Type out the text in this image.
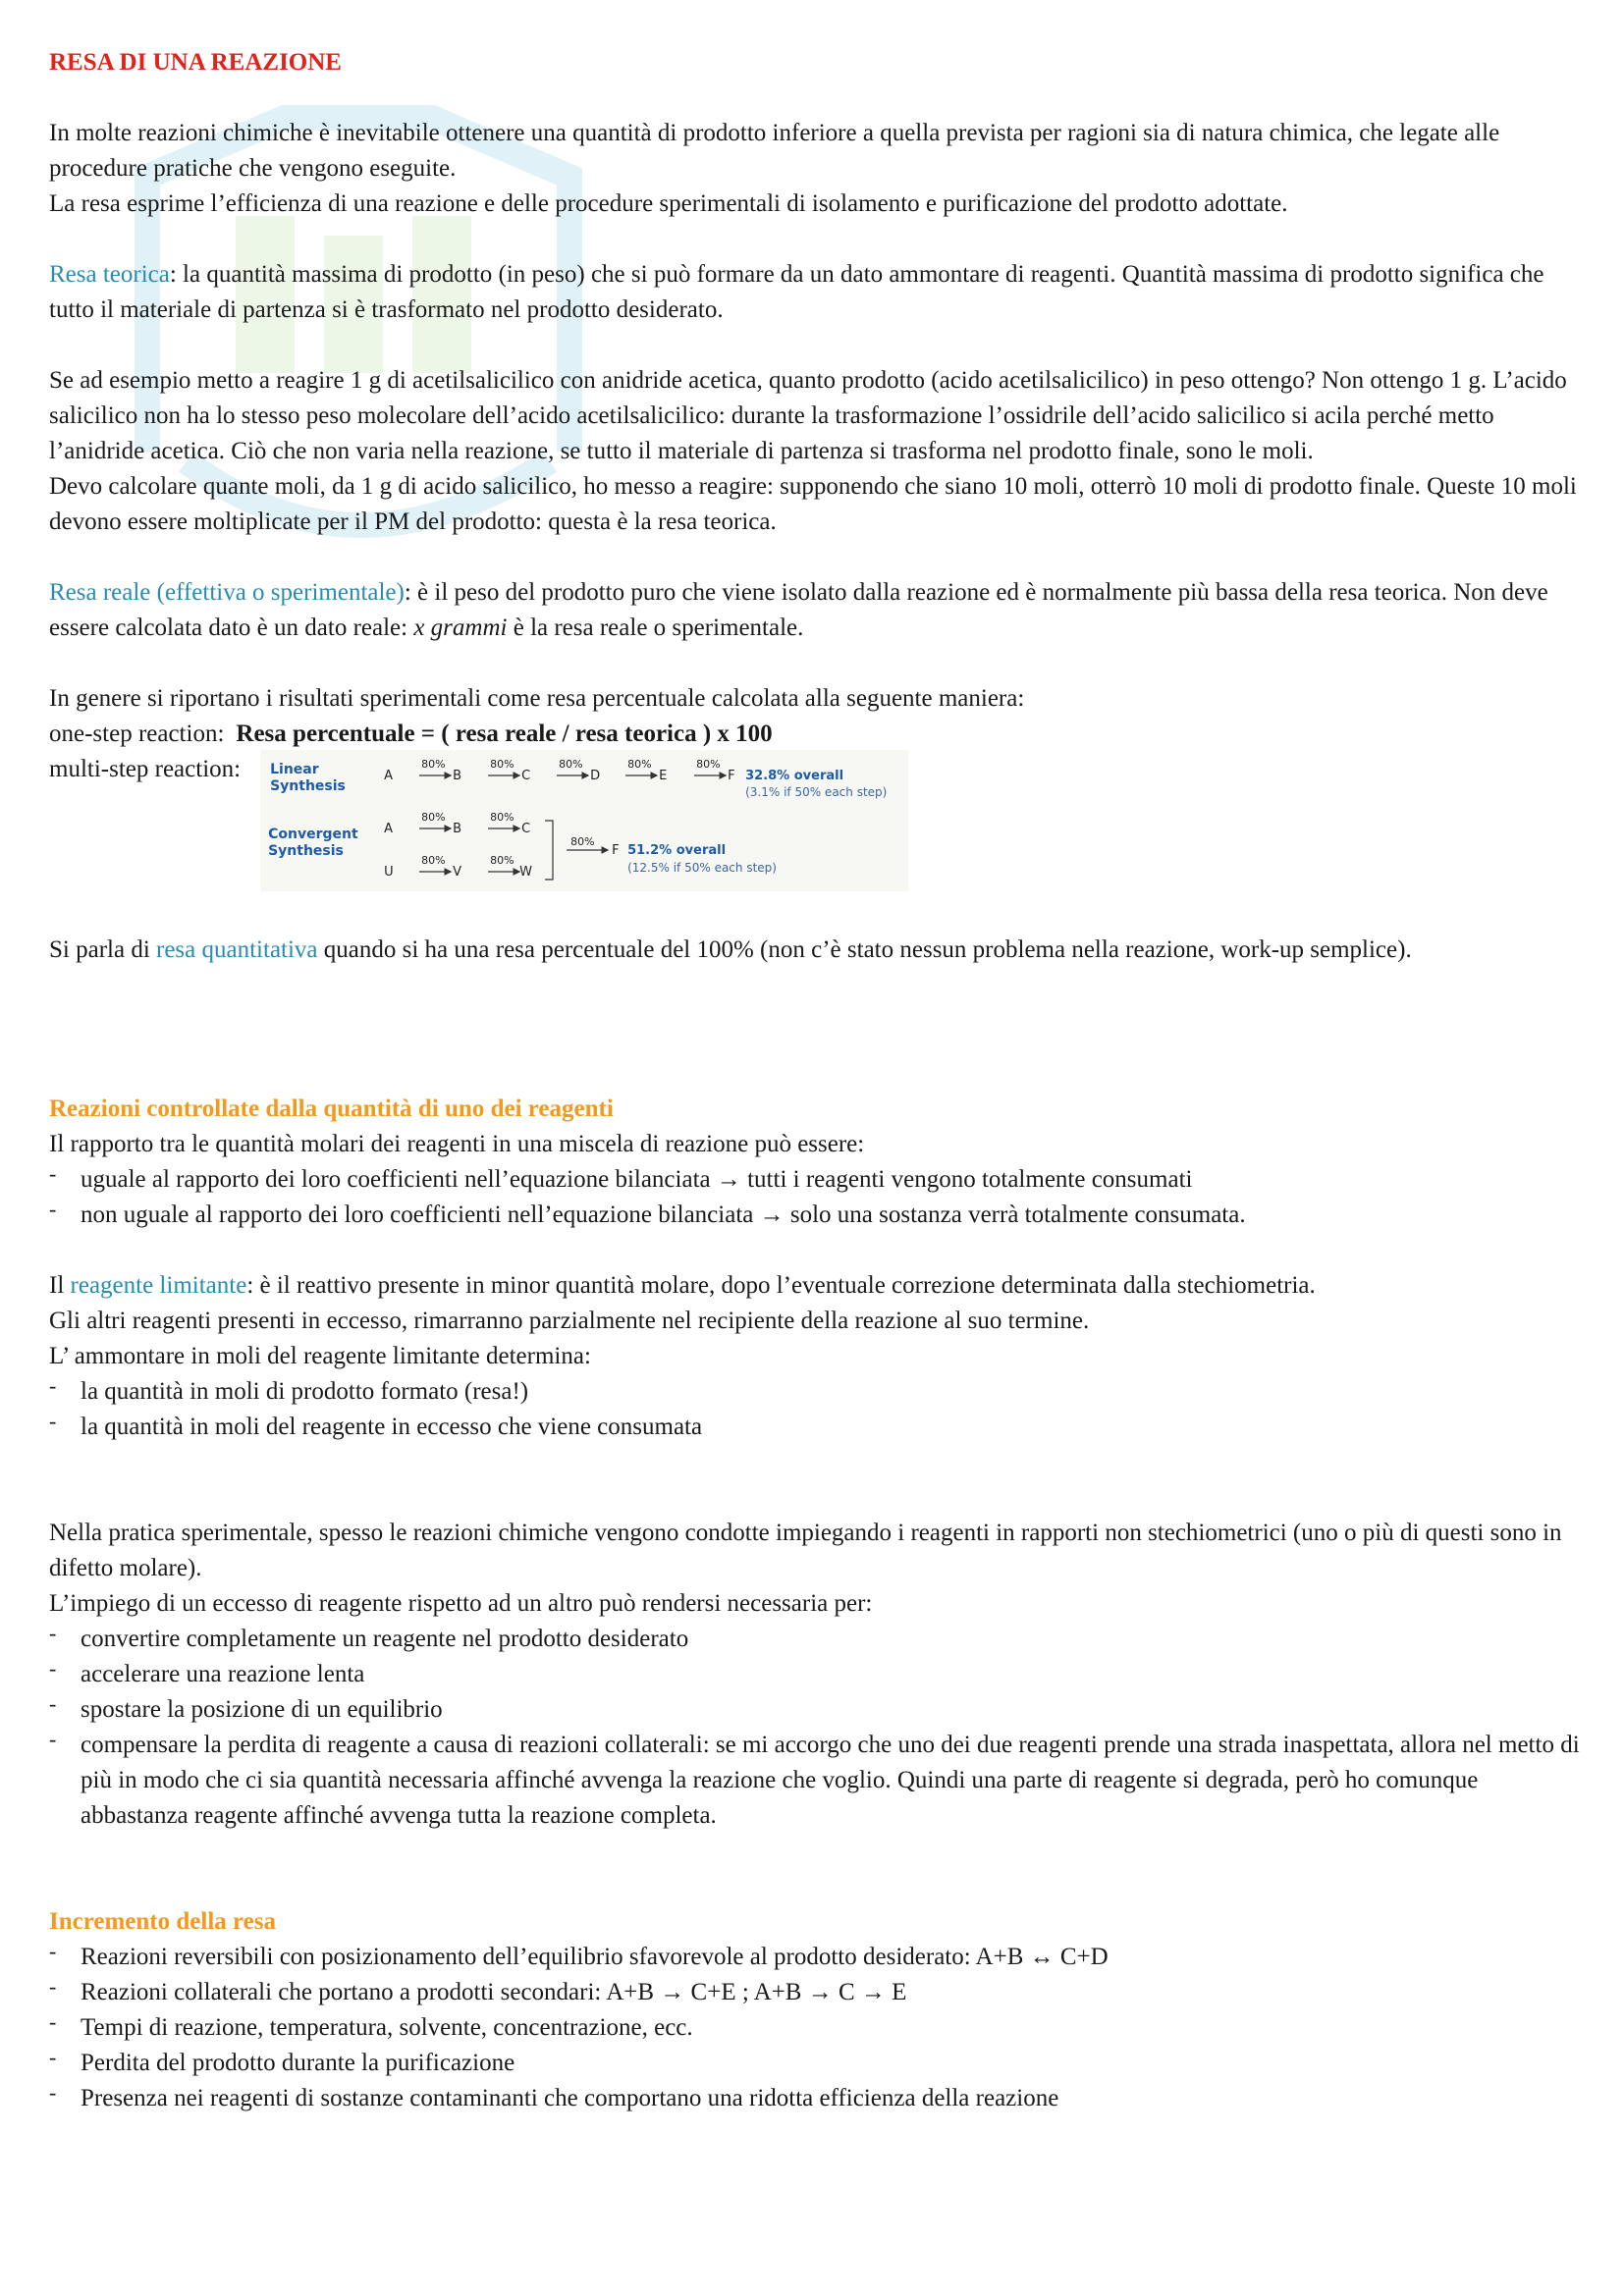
RESA DI UNA REAZIONE

In molte reazioni chimiche è inevitabile ottenere una quantità di prodotto inferiore a quella prevista per ragioni sia di natura chimica, che legate alle procedure pratiche che vengono eseguite.

La resa esprime l’efficienza di una reazione e delle procedure sperimentali di isolamento e purificazione del prodotto adottate.

Resa teorica: la quantità massima di prodotto (in peso) che si può formare da un dato ammontare di reagenti. Quantità massima di prodotto significa che tutto il materiale di partenza si è trasformato nel prodotto desiderato.

Se ad esempio metto a reagire 1 g di acetilsalicilico con anidride acetica, quanto prodotto (acido acetilsalicilico) in peso ottengo? Non ottengo 1 g. L’acido salicilico non ha lo stesso peso molecolare dell’acido acetilsalicilico: durante la trasformazione l’ossidrile dell’acido salicilico si acila perché metto l’anidride acetica. Ciò che non varia nella reazione, se tutto il materiale di partenza si trasforma nel prodotto finale, sono le moli.

Devo calcolare quante moli, da 1 g di acido salicilico, ho messo a reagire: supponendo che siano 10 moli, otterrò 10 moli di prodotto finale. Queste 10 moli devono essere moltiplicate per il PM del prodotto: questa è la resa teorica.

Resa reale (effettiva o sperimentale): è il peso del prodotto puro che viene isolato dalla reazione ed è normalmente più bassa della resa teorica. Non deve essere calcolata dato è un dato reale: x grammi è la resa reale o sperimentale.

In genere si riportano i risultati sperimentali come resa percentuale calcolata alla seguente maniera:

one-step reaction: Resa percentuale = ( resa reale / resa teorica ) x 100
multi-step reaction: Linear
Synthesis
A	B	C	D	E	F
80%	80%	80%	80%	80%
32.8% overall
(3.1% if 50% each step)
Convergent
Synthesis
A	B	C
U	V	W
80%	80%
80%	80%
80%
F 51.2% overall
(12.5% if 50% each step)

Si parla di resa quantitativa quando si ha una resa percentuale del 100% (non c’è stato nessun problema nella reazione, work-up semplice).

Reazioni controllate dalla quantità di uno dei reagenti

Il rapporto tra le quantità molari dei reagenti in una miscela di reazione può essere:

- uguale al rapporto dei loro coefficienti nell’equazione bilanciata → tutti i reagenti vengono totalmente consumati
- non uguale al rapporto dei loro coefficienti nell’equazione bilanciata → solo una sostanza verrà totalmente consumata.

Il reagente limitante: è il reattivo presente in minor quantità molare, dopo l’eventuale correzione determinata dalla stechiometria.

Gli altri reagenti presenti in eccesso, rimarranno parzialmente nel recipiente della reazione al suo termine.

L’ ammontare in moli del reagente limitante determina:

- la quantità in moli di prodotto formato (resa!)
- la quantità in moli del reagente in eccesso che viene consumata

Nella pratica sperimentale, spesso le reazioni chimiche vengono condotte impiegando i reagenti in rapporti non stechiometrici (uno o più di questi sono in difetto molare).

L’impiego di un eccesso di reagente rispetto ad un altro può rendersi necessaria per:

- convertire completamente un reagente nel prodotto desiderato
- accelerare una reazione lenta
- spostare la posizione di un equilibrio
- compensare la perdita di reagente a causa di reazioni collaterali: se mi accorgo che uno dei due reagenti prende una strada inaspettata, allora nel metto di più in modo che ci sia quantità necessaria affinché avvenga la reazione che voglio. Quindi una parte di reagente si degrada, però ho comunque abbastanza reagente affinché avvenga tutta la reazione completa.

Incremento della resa

- Reazioni reversibili con posizionamento dell’equilibrio sfavorevole al prodotto desiderato: A+B ↔ C+D
- Reazioni collaterali che portano a prodotti secondari: A+B → C+E ; A+B → C → E
- Tempi di reazione, temperatura, solvente, concentrazione, ecc.
- Perdita del prodotto durante la purificazione
- Presenza nei reagenti di sostanze contaminanti che comportano una ridotta efficienza della reazione
